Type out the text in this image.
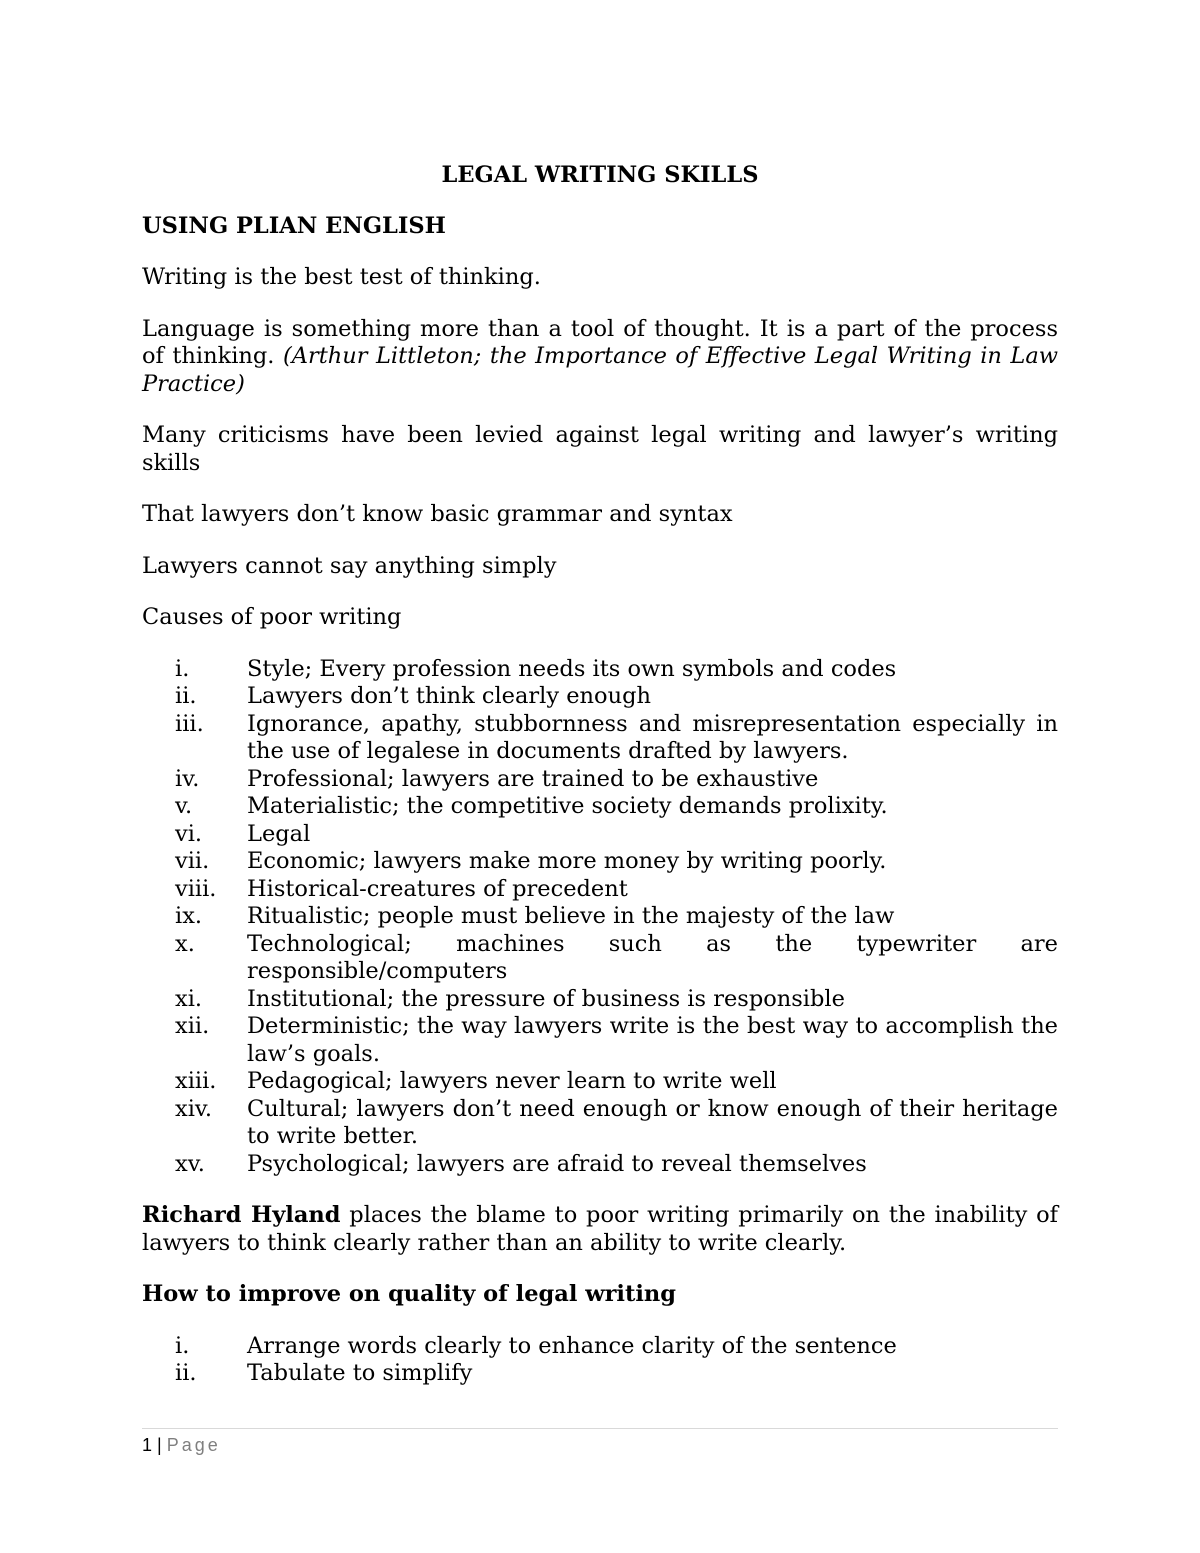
LEGAL WRITING SKILLS
USING PLIAN ENGLISH

Writing is the best test of thinking.

Language is something more than a tool of thought. It is a part of the process of thinking. (Arthur Littleton; the Importance of Effective Legal Writing in Law Practice)

Many criticisms have been levied against legal writing and lawyer’s writing skills

That lawyers don’t know basic grammar and syntax

Lawyers cannot say anything simply

Causes of poor writing

i.	Style; Every profession needs its own symbols and codes
ii.	Lawyers don’t think clearly enough
iii.	Ignorance, apathy, stubbornness and misrepresentation especially in the use of legalese in documents drafted by lawyers.
iv.	Professional; lawyers are trained to be exhaustive
v.	Materialistic; the competitive society demands prolixity.
vi.	Legal
vii.	Economic; lawyers make more money by writing poorly.
viii.	Historical-creatures of precedent
ix.	Ritualistic; people must believe in the majesty of the law
x.	Technological; machines such as the typewriter are responsible/computers
xi.	Institutional; the pressure of business is responsible
xii.	Deterministic; the way lawyers write is the best way to accomplish the law’s goals.
xiii.	Pedagogical; lawyers never learn to write well
xiv.	Cultural; lawyers don’t need enough or know enough of their heritage to write better.
xv.	Psychological; lawyers are afraid to reveal themselves

Richard Hyland places the blame to poor writing primarily on the inability of lawyers to think clearly rather than an ability to write clearly.

How to improve on quality of legal writing
i.	Arrange words clearly to enhance clarity of the sentence
ii.	Tabulate to simplify
1 | Page
